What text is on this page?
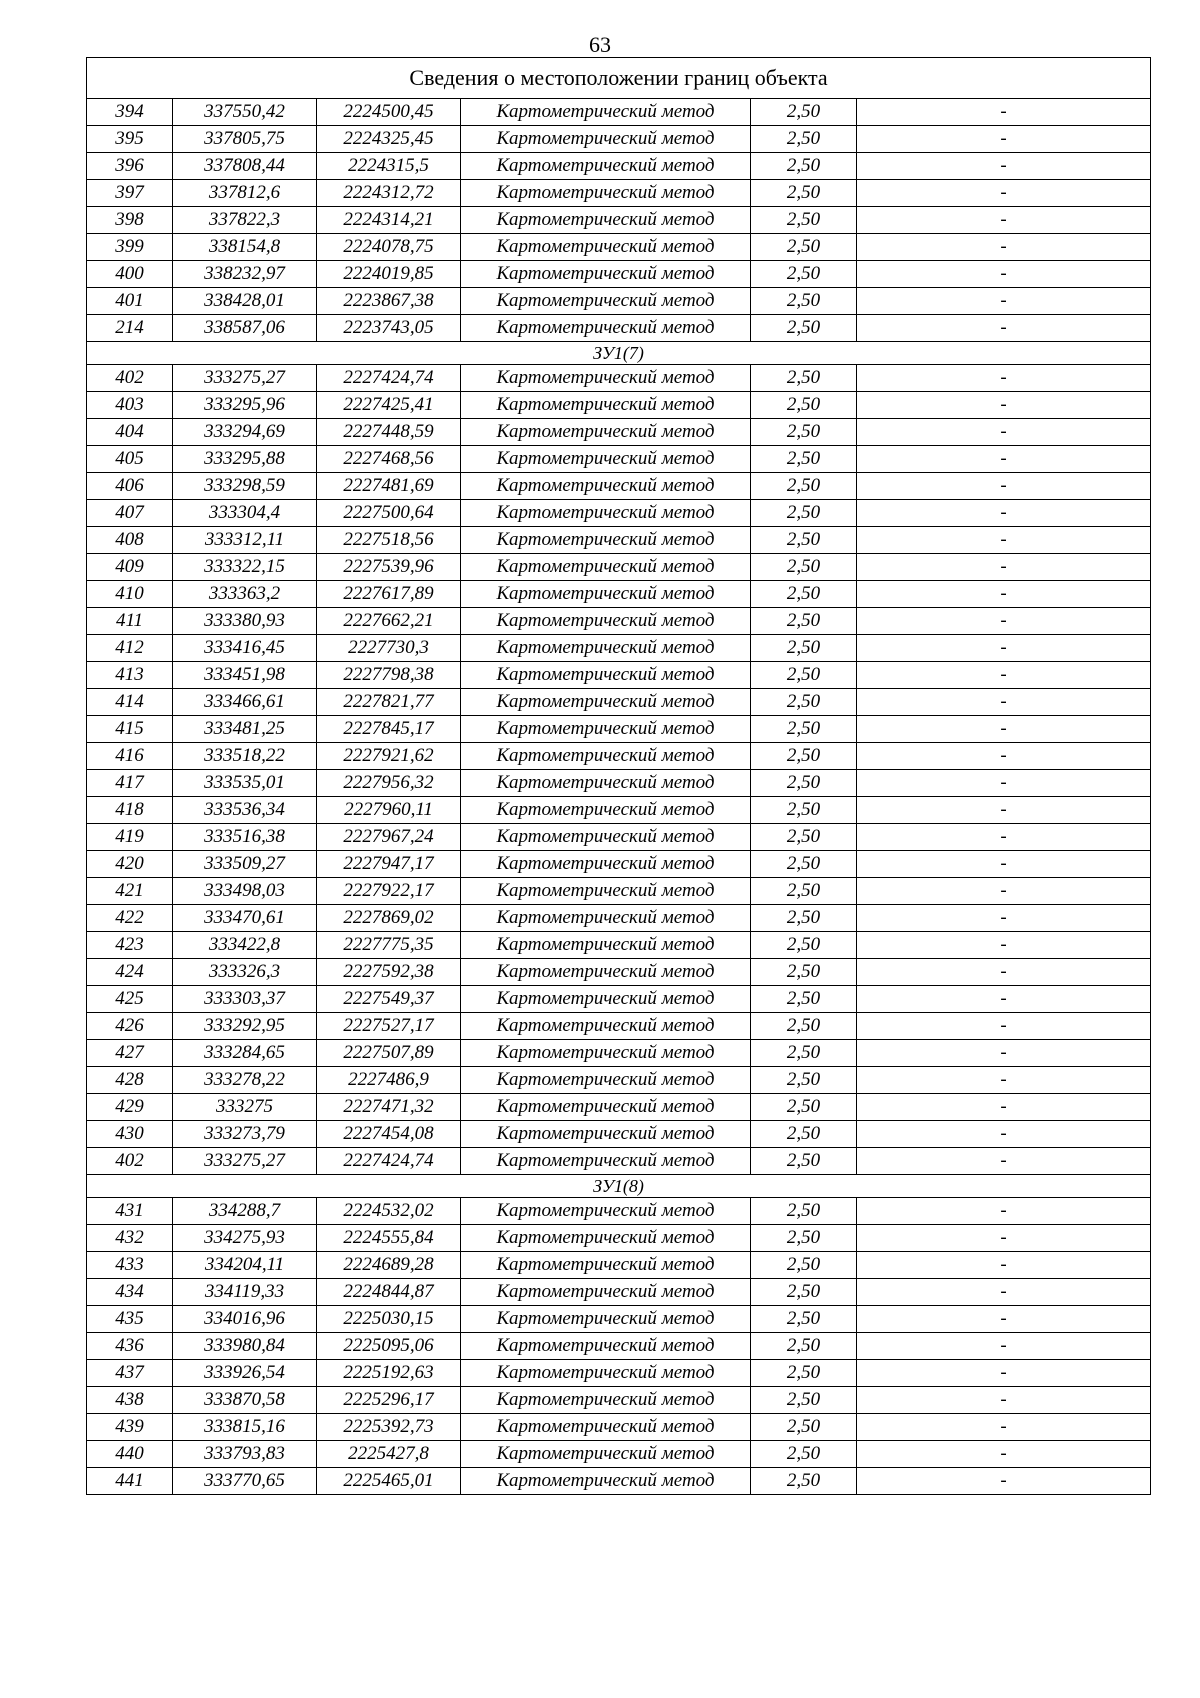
63
Сведения о местоположении границ объекта					
394	337550,42	2224500,45	Картометрический метод	2,50	-
395	337805,75	2224325,45	Картометрический метод	2,50	-
396	337808,44	2224315,5	Картометрический метод	2,50	-
397	337812,6	2224312,72	Картометрический метод	2,50	-
398	337822,3	2224314,21	Картометрический метод	2,50	-
399	338154,8	2224078,75	Картометрический метод	2,50	-
400	338232,97	2224019,85	Картометрический метод	2,50	-
401	338428,01	2223867,38	Картометрический метод	2,50	-
214	338587,06	2223743,05	Картометрический метод	2,50	-
ЗУ1(7)					
402	333275,27	2227424,74	Картометрический метод	2,50	-
403	333295,96	2227425,41	Картометрический метод	2,50	-
404	333294,69	2227448,59	Картометрический метод	2,50	-
405	333295,88	2227468,56	Картометрический метод	2,50	-
406	333298,59	2227481,69	Картометрический метод	2,50	-
407	333304,4	2227500,64	Картометрический метод	2,50	-
408	333312,11	2227518,56	Картометрический метод	2,50	-
409	333322,15	2227539,96	Картометрический метод	2,50	-
410	333363,2	2227617,89	Картометрический метод	2,50	-
411	333380,93	2227662,21	Картометрический метод	2,50	-
412	333416,45	2227730,3	Картометрический метод	2,50	-
413	333451,98	2227798,38	Картометрический метод	2,50	-
414	333466,61	2227821,77	Картометрический метод	2,50	-
415	333481,25	2227845,17	Картометрический метод	2,50	-
416	333518,22	2227921,62	Картометрический метод	2,50	-
417	333535,01	2227956,32	Картометрический метод	2,50	-
418	333536,34	2227960,11	Картометрический метод	2,50	-
419	333516,38	2227967,24	Картометрический метод	2,50	-
420	333509,27	2227947,17	Картометрический метод	2,50	-
421	333498,03	2227922,17	Картометрический метод	2,50	-
422	333470,61	2227869,02	Картометрический метод	2,50	-
423	333422,8	2227775,35	Картометрический метод	2,50	-
424	333326,3	2227592,38	Картометрический метод	2,50	-
425	333303,37	2227549,37	Картометрический метод	2,50	-
426	333292,95	2227527,17	Картометрический метод	2,50	-
427	333284,65	2227507,89	Картометрический метод	2,50	-
428	333278,22	2227486,9	Картометрический метод	2,50	-
429	333275	2227471,32	Картометрический метод	2,50	-
430	333273,79	2227454,08	Картометрический метод	2,50	-
402	333275,27	2227424,74	Картометрический метод	2,50	-
ЗУ1(8)					
431	334288,7	2224532,02	Картометрический метод	2,50	-
432	334275,93	2224555,84	Картометрический метод	2,50	-
433	334204,11	2224689,28	Картометрический метод	2,50	-
434	334119,33	2224844,87	Картометрический метод	2,50	-
435	334016,96	2225030,15	Картометрический метод	2,50	-
436	333980,84	2225095,06	Картометрический метод	2,50	-
437	333926,54	2225192,63	Картометрический метод	2,50	-
438	333870,58	2225296,17	Картометрический метод	2,50	-
439	333815,16	2225392,73	Картометрический метод	2,50	-
440	333793,83	2225427,8	Картометрический метод	2,50	-
441	333770,65	2225465,01	Картометрический метод	2,50	-
